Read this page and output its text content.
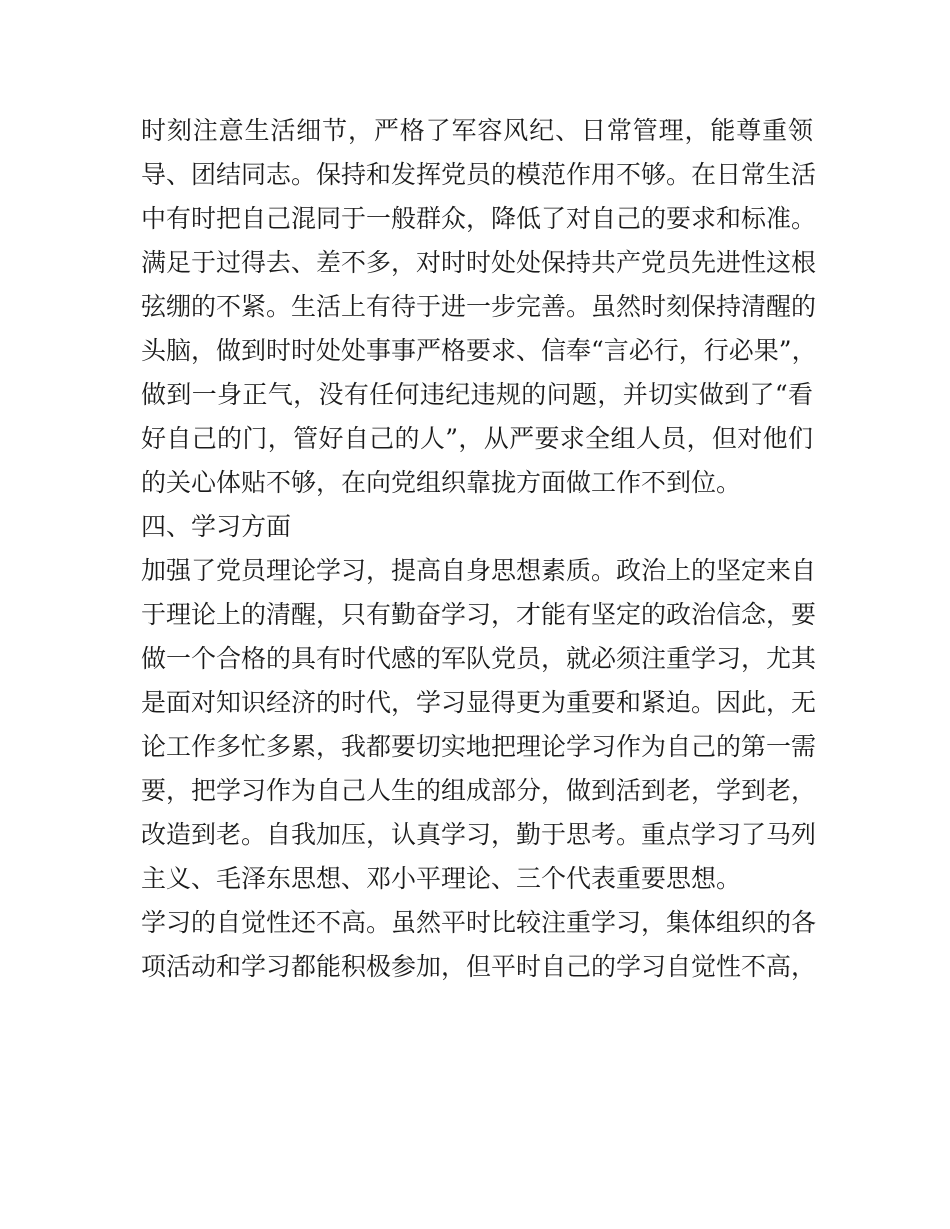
时刻注意生活细节，严格了军容风纪、日常管理，能尊重领
导、团结同志。保持和发挥党员的模范作用不够。在日常生活
中有时把自己混同于一般群众，降低了对自己的要求和标准。
满足于过得去、差不多，对时时处处保持共产党员先进性这根
弦绷的不紧。生活上有待于进一步完善。虽然时刻保持清醒的
头脑，做到时时处处事事严格要求、信奉“言必行，行必果”，
做到一身正气，没有任何违纪违规的问题，并切实做到了“看
好自己的门，管好自己的人”，从严要求全组人员，但对他们
的关心体贴不够，在向党组织靠拢方面做工作不到位。
四、学习方面
加强了党员理论学习，提高自身思想素质。政治上的坚定来自
于理论上的清醒，只有勤奋学习，才能有坚定的政治信念，要
做一个合格的具有时代感的军队党员，就必须注重学习，尤其
是面对知识经济的时代，学习显得更为重要和紧迫。因此，无
论工作多忙多累，我都要切实地把理论学习作为自己的第一需
要，把学习作为自己人生的组成部分，做到活到老，学到老，
改造到老。自我加压，认真学习，勤于思考。重点学习了马列
主义、毛泽东思想、邓小平理论、三个代表重要思想。
学习的自觉性还不高。虽然平时比较注重学习，集体组织的各
项活动和学习都能积极参加，但平时自己的学习自觉性不高，
